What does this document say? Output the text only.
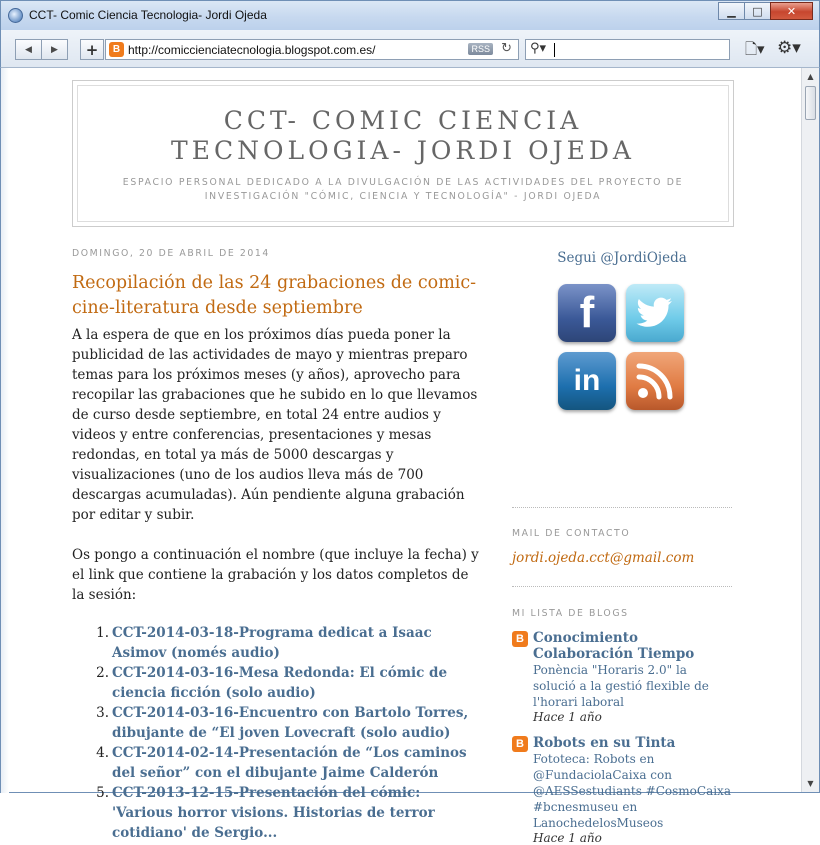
CCT- Comic Ciencia Tecnologia- Jordi Ojeda	▁	□	✕
◀	▶	+	B http://comiccienciatecnologia.blogspot.com.es/	RSS ↻ ⚲▾	🗋▾ ⚙▾
CCT- COMIC CIENCIA
TECNOLOGIA- JORDI OJEDA
ESPACIO PERSONAL DEDICADO A LA DIVULGACIÓN DE LAS ACTIVIDADES DEL PROYECTO DE
INVESTIGACIÓN "CÓMIC, CIENCIA Y TECNOLOGÍA" - JORDI OJEDA
DOMINGO, 20 DE ABRIL DE 2014
Recopilación de las 24 grabaciones de comic-cine-literatura desde septiembre

A la espera de que en los próximos días pueda poner la publicidad de las actividades de mayo y mientras preparo temas para los próximos meses (y años), aprovecho para recopilar las grabaciones que he subido en lo que llevamos de curso desde septiembre, en total 24 entre audios y videos y entre conferencias, presentaciones y mesas redondas, en total ya más de 5000 descargas y visualizaciones (uno de los audios lleva más de 700 descargas acumuladas). Aún pendiente alguna grabación por editar y subir.

Os pongo a continuación el nombre (que incluye la fecha) y el link que contiene la grabación y los datos completos de la sesión:

1. CCT-2014-03-18-Programa dedicat a Isaac Asimov (només audio)
2. CCT-2014-03-16-Mesa Redonda: El cómic de ciencia ficción (solo audio)
3. CCT-2014-03-16-Encuentro con Bartolo Torres, dibujante de “El joven Lovecraft (solo audio)
4. CCT-2014-02-14-Presentación de “Los caminos del señor” con el dibujante Jaime Calderón
5. CCT-2013-12-15-Presentación del cómic: 'Various horror visions. Historias de terror cotidiano' de Sergio...
Segui @JordiOjeda
f
in
MAIL DE CONTACTO
jordi.ojeda.cct@gmail.com
MI LISTA DE BLOGS
B Conocimiento Colaboración Tiempo
Ponència "Horaris 2.0" la solució a la gestió flexible de l'horari laboral
Hace 1 año
B Robots en su Tinta
Fototeca: Robots en @FundaciolaCaixa con @AESSestudiants #CosmoCaixa #bcnesmuseu en LanochedelosMuseos
Hace 1 año
▲
▼
